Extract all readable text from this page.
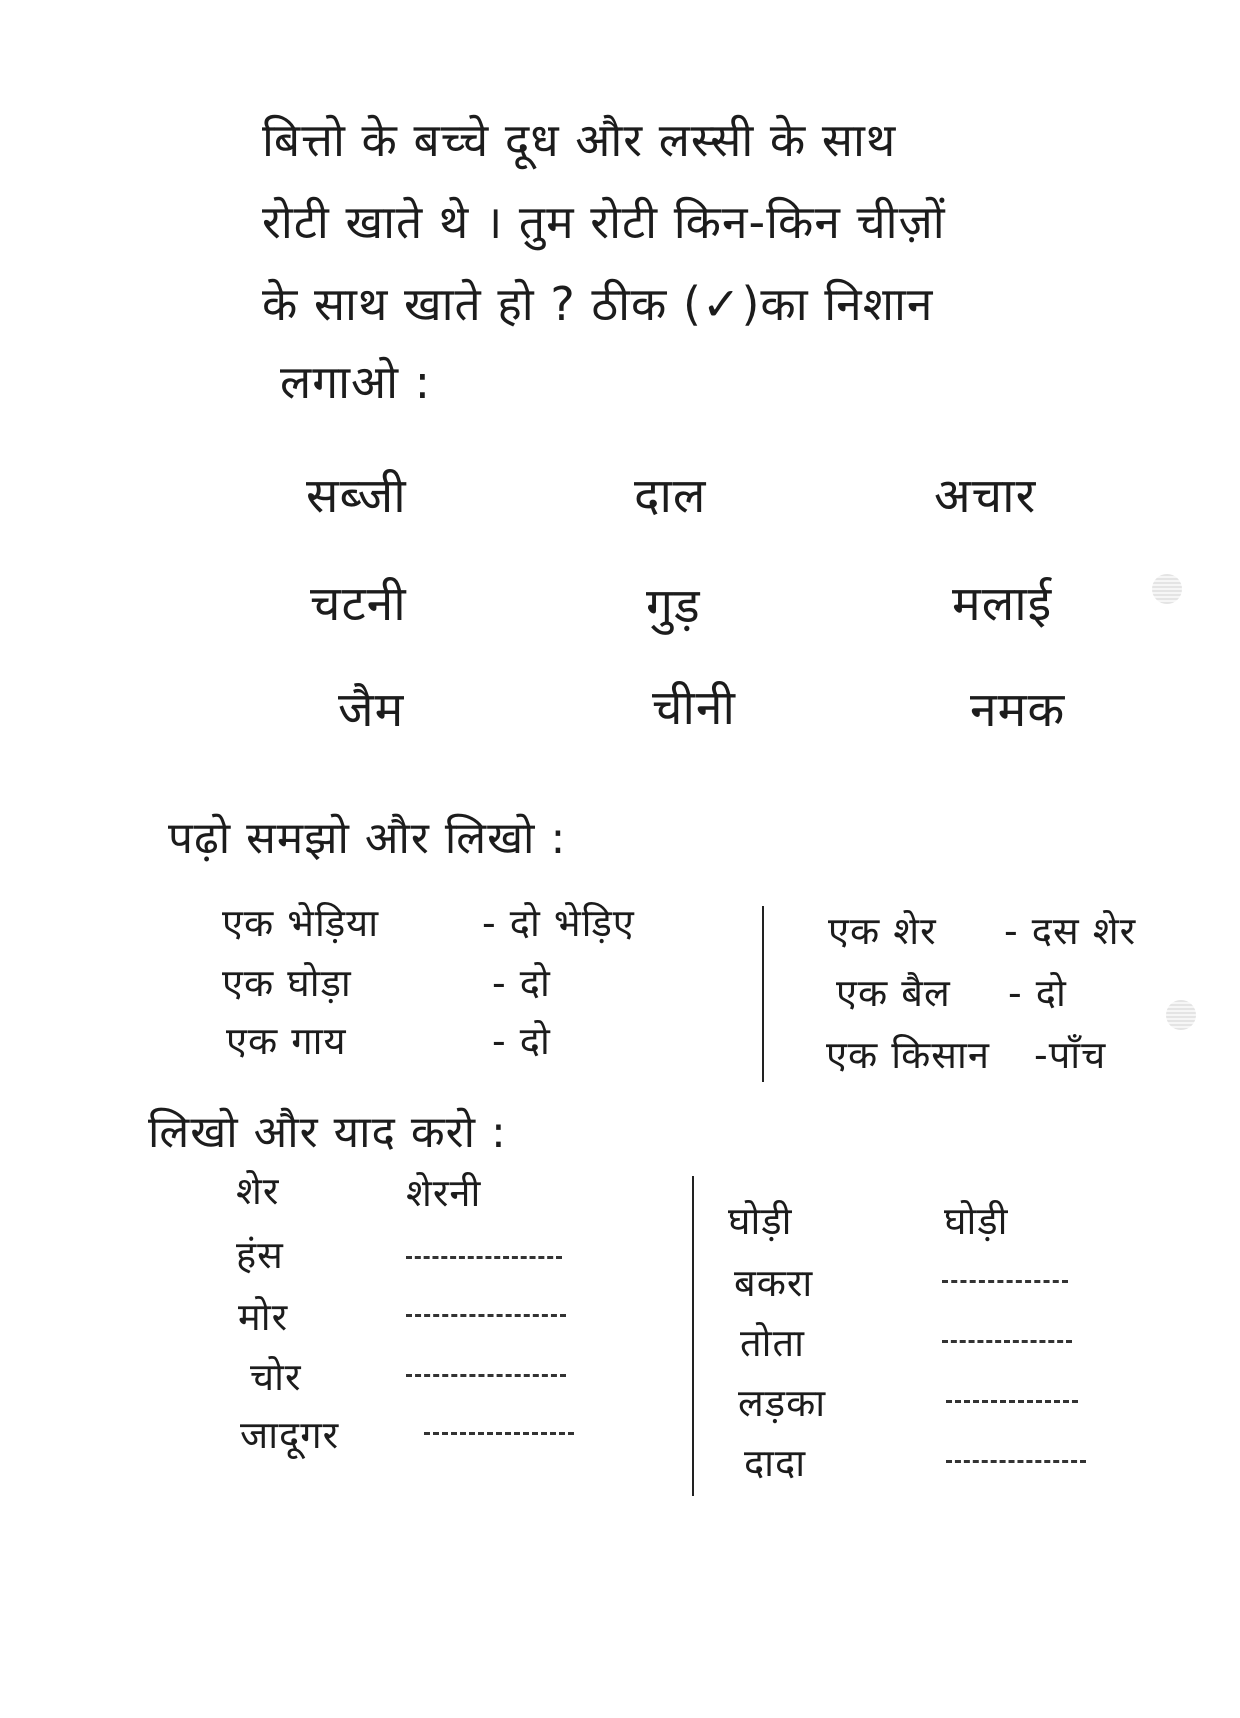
बित्तो के बच्चे दूध और लस्सी के साथ
रोटी खाते थे । तुम रोटी किन-किन चीज़ों
के साथ खाते हो ? ठीक (✓)का निशान
लगाओ :
सब्जी	दाल	अचार
चटनी	गुड़	मलाई
जैम	चीनी	नमक
पढ़ो समझो और लिखो :
एक भेड़िया	- दो भेड़िए
एक घोड़ा	- दो
एक गाय	- दो
एक शेर - दस शेर
एक बैल - दो
एक किसान -पाँच
लिखो और याद करो :
शेर	शेरनी
हंस
मोर
चोर
जादूगर
घोड़ी	घोड़ी
बकरा
तोता
लड़का
दादा
